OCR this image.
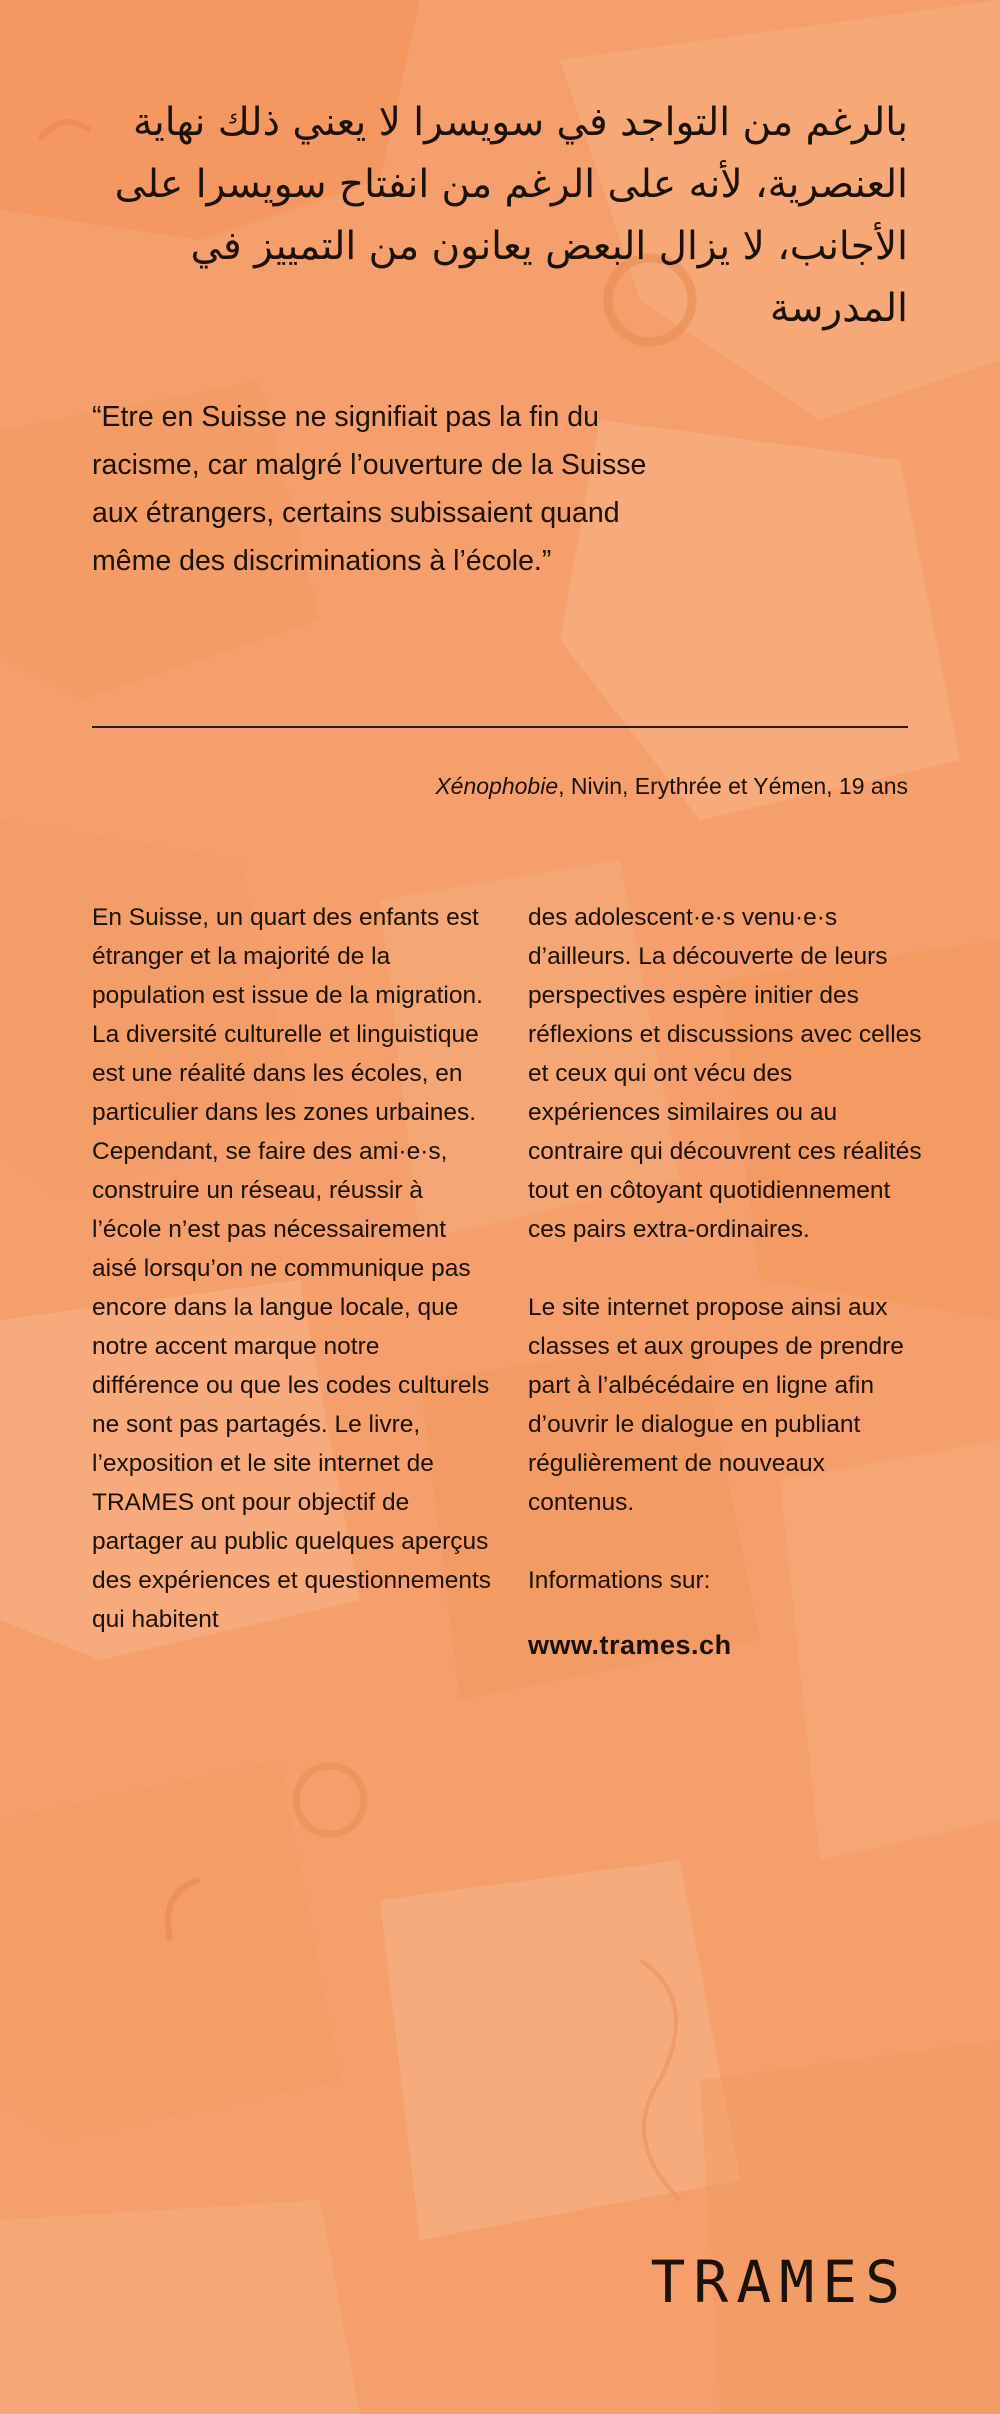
بالرغم من التواجد في سويسرا لا يعني ذلك نهاية العنصرية، لأنه على الرغم من انفتاح سويسرا على الأجانب، لا يزال البعض يعانون من التمييز في المدرسة

“Etre en Suisse ne signifiait pas la fin du racisme, car malgré l’ouverture de la Suisse aux étrangers, certains subissaient quand même des discriminations à l’école.”

Xénophobie, Nivin, Erythrée et Yémen, 19 ans

En Suisse, un quart des enfants est étranger et la majorité de la population est issue de la migration. La diversité culturelle et linguistique est une réalité dans les écoles, en particulier dans les zones urbaines. Cependant, se faire des ami·e·s, construire un réseau, réussir à l’école n’est pas nécessairement aisé lorsqu’on ne communique pas encore dans la langue locale, que notre accent marque notre différence ou que les codes culturels ne sont pas partagés. Le livre, l’exposition et le site internet de TRAMES ont pour objectif de partager au public quelques aperçus des expériences et questionnements qui habitent

des adolescent·e·s venu·e·s d’ailleurs. La découverte de leurs perspectives espère initier des réflexions et discussions avec celles et ceux qui ont vécu des expériences similaires ou au contraire qui découvrent ces réalités tout en côtoyant quotidiennement ces pairs extra-ordinaires.

Le site internet propose ainsi aux classes et aux groupes de prendre part à l’albécédaire en ligne afin d’ouvrir le dialogue en publiant régulièrement de nouveaux contenus.

Informations sur:

www.trames.ch

TRAMES
